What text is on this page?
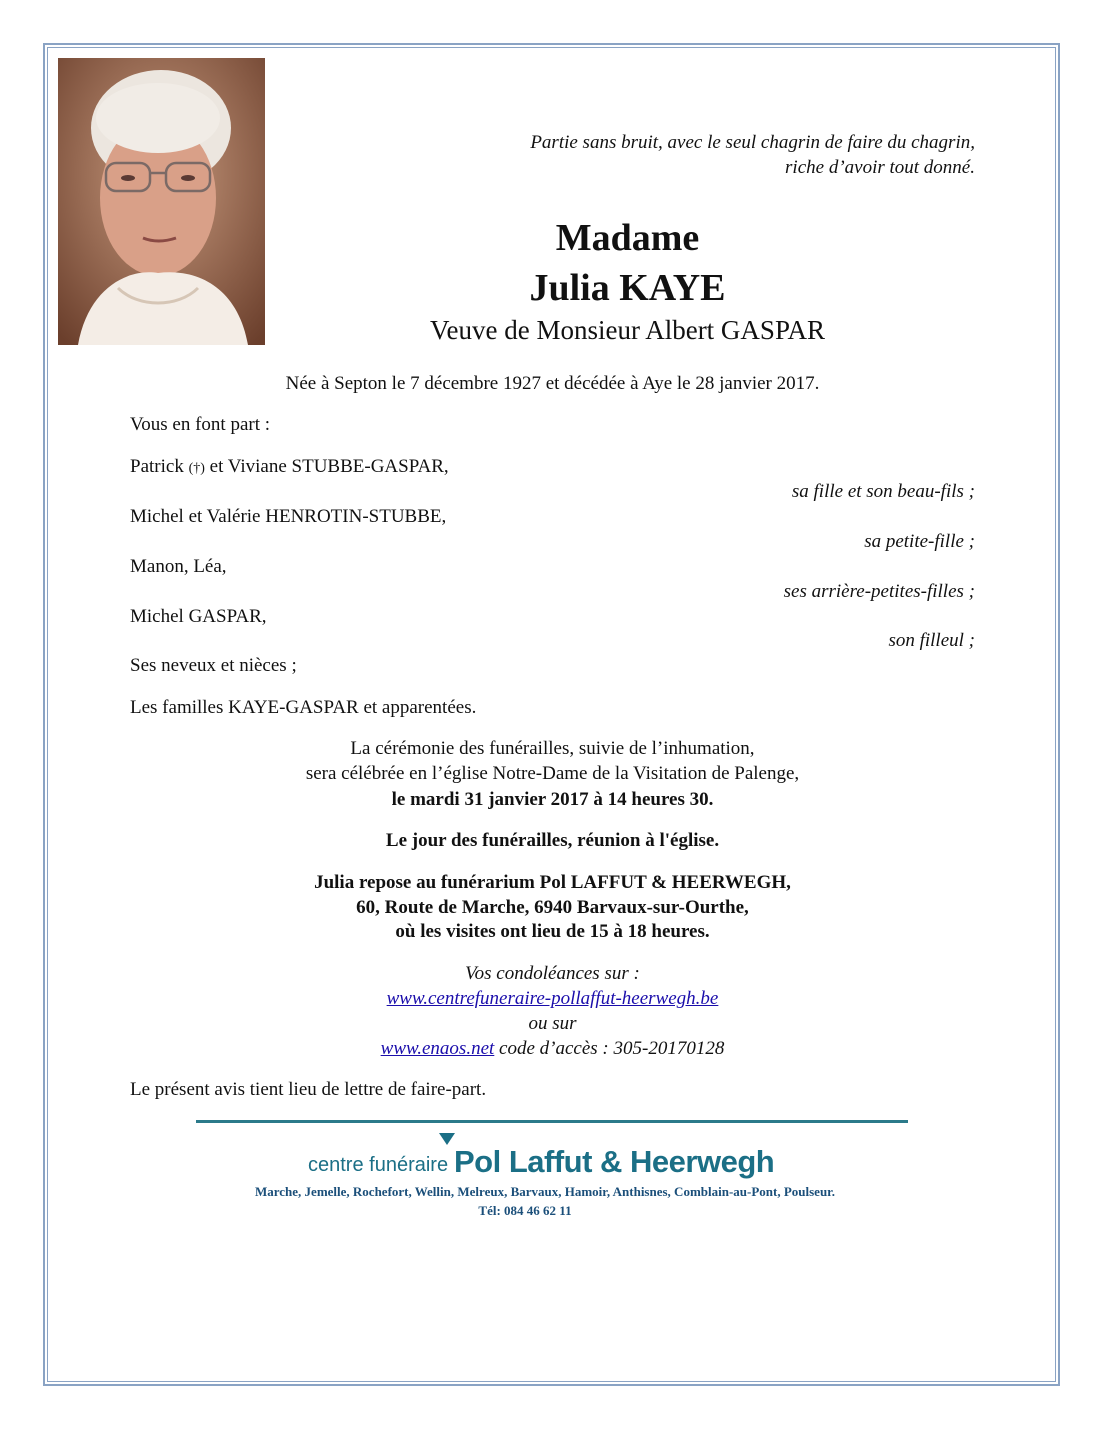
Partie sans bruit, avec le seul chagrin de faire du chagrin,
riche d’avoir tout donné.
Madame
Julia KAYE
Veuve de Monsieur Albert GASPAR
Née à Septon le 7 décembre 1927 et décédée à Aye le 28 janvier 2017.
Vous en font part :
Patrick (†) et Viviane STUBBE-GASPAR,
sa fille et son beau-fils ;
Michel et Valérie HENROTIN-STUBBE,
sa petite-fille ;
Manon, Léa,
ses arrière-petites-filles ;
Michel GASPAR,
son filleul ;
Ses neveux et nièces ;
Les familles KAYE-GASPAR et apparentées.
La cérémonie des funérailles, suivie de l’inhumation,
sera célébrée en l’église Notre-Dame de la Visitation de Palenge,
le mardi 31 janvier 2017 à 14 heures 30.
Le jour des funérailles, réunion à l'église.
Julia repose au funérarium Pol LAFFUT & HEERWEGH,
60, Route de Marche, 6940 Barvaux-sur-Ourthe,
où les visites ont lieu de 15 à 18 heures.
Vos condoléances sur :
www.centrefuneraire-pollaffut-heerwegh.be
ou sur
www.enaos.net code d’accès : 305-20170128
Le présent avis tient lieu de lettre de faire-part.
centre funéraire Pol Laffut & Heerwegh
Marche, Jemelle, Rochefort, Wellin, Melreux, Barvaux, Hamoir, Anthisnes, Comblain-au-Pont, Poulseur.
Tél: 084 46 62 11
